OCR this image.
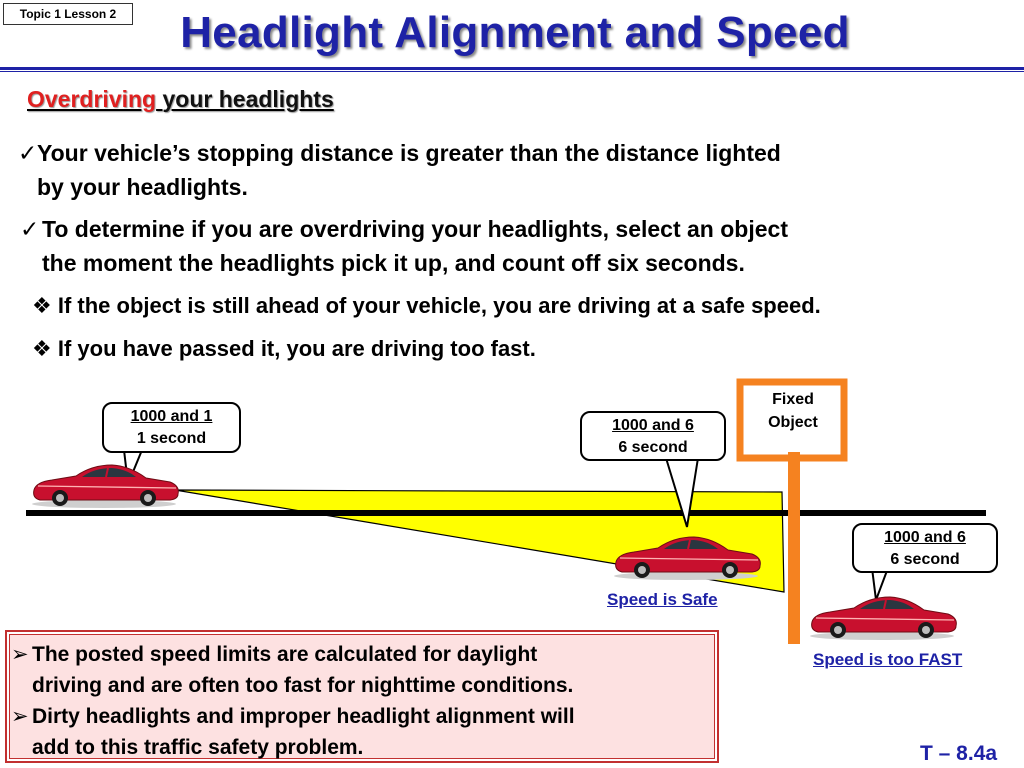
Topic 1 Lesson 2	Headlight Alignment and Speed
Overdriving your headlights
✓ Your vehicle’s stopping distance is greater than the distance lighted
by your headlights.
✓ To determine if you are overdriving your headlights, select an object
the moment the headlights pick it up, and count off six seconds.
❖ If the object is still ahead of your vehicle, you are driving at a safe speed.
❖ If you have passed it, you are driving too fast.
1000 and 1
1 second
1000 and 6
6 second
1000 and 6
6 second
Fixed
Object
Speed is Safe
Speed is too FAST
➢ The posted speed limits are calculated for daylight
driving and are often too fast for nighttime conditions.
➢ Dirty headlights and improper headlight alignment will
add to this traffic safety problem.	T – 8.4a
